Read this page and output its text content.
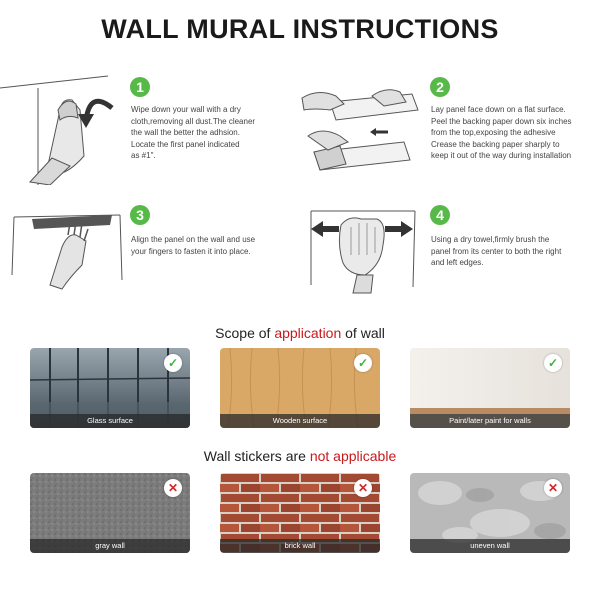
WALL MURAL INSTRUCTIONS
1

Wipe down your wall with a dry

cloth,removing all dust.The cleaner

the wall the better the adhsion.

Locate the first panel indicated

as #1".

2

Lay panel face down on a flat surface.

Peel the backing paper down six inches

from the top,exposing the adhesive

Crease the backing paper sharply to

keep it out of the way during installation

3

Align the panel on the wall and use

your fingers to fasten it into place.

4

Using a dry towel,firmly brush the

panel from its center to both the right

and left edges.

Scope of application of wall
✓
Glass surface
✓
Wooden surface
✓
Paint/later paint for walls
Wall stickers are not applicable
✕
gray wall
✕
brick wall
✕
uneven wall
